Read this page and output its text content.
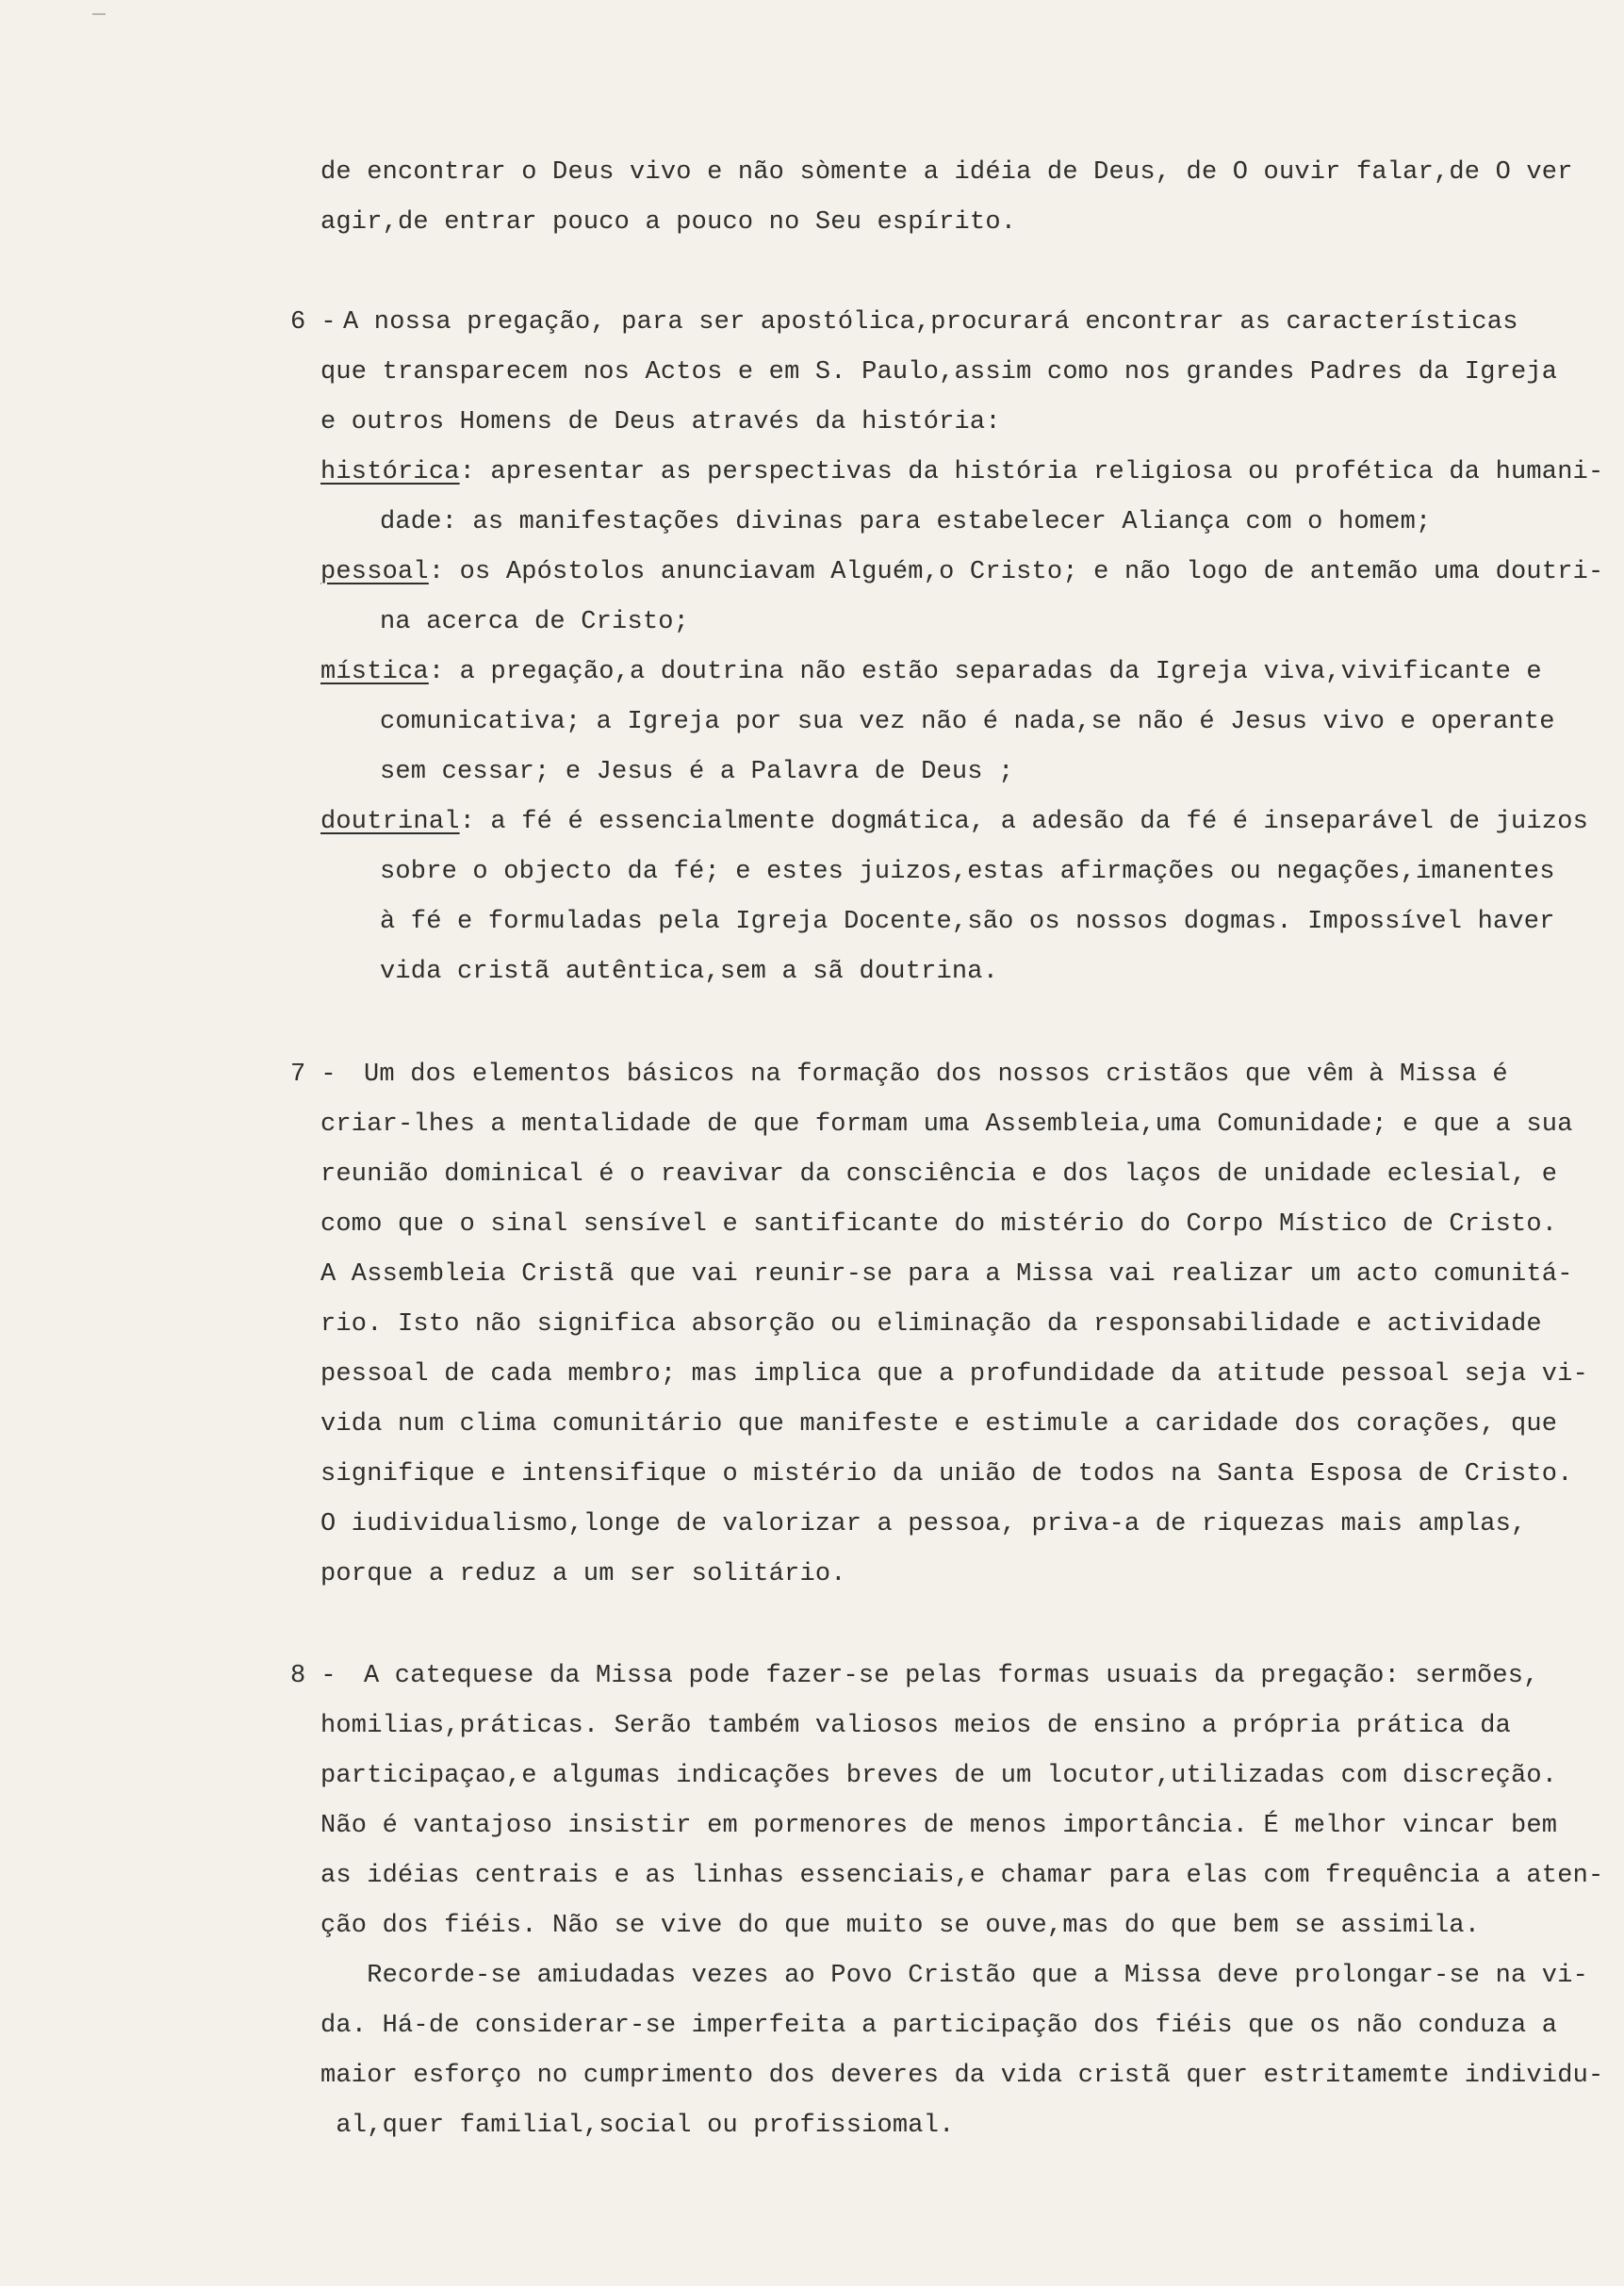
de encontrar o Deus vivo e não sòmente a idéia de Deus, de O ouvir falar,de O ver
agir,de entrar pouco a pouco no Seu espírito.
6 - A nossa pregação, para ser apostólica,procurará encontrar as características
que transparecem nos Actos e em S. Paulo,assim como nos grandes Padres da Igreja
e outros Homens de Deus através da história:
histórica: apresentar as perspectivas da história religiosa ou profética da humani-
dade: as manifestações divinas para estabelecer Aliança com o homem;
pessoal: os Apóstolos anunciavam Alguém,o Cristo; e não logo de antemão uma doutri-
na acerca de Cristo;
mística: a pregação,a doutrina não estão separadas da Igreja viva,vivificante e
comunicativa; a Igreja por sua vez não é nada,se não é Jesus vivo e operante
sem cessar; e Jesus é a Palavra de Deus ;
doutrinal: a fé é essencialmente dogmática, a adesão da fé é inseparável de juizos
sobre o objecto da fé; e estes juizos,estas afirmações ou negações,imanentes
à fé e formuladas pela Igreja Docente,são os nossos dogmas. Impossível haver
vida cristã autêntica,sem a sã doutrina.
7 - Um dos elementos básicos na formação dos nossos cristãos que vêm à Missa é
criar-lhes a mentalidade de que formam uma Assembleia,uma Comunidade; e que a sua
reunião dominical é o reavivar da consciência e dos laços de unidade eclesial, e
como que o sinal sensível e santificante do mistério do Corpo Místico de Cristo.
A Assembleia Cristã que vai reunir-se para a Missa vai realizar um acto comunitá-
rio. Isto não significa absorção ou eliminação da responsabilidade e actividade
pessoal de cada membro; mas implica que a profundidade da atitude pessoal seja vi-
vida num clima comunitário que manifeste e estimule a caridade dos corações, que
signifique e intensifique o mistério da união de todos na Santa Esposa de Cristo.
O iudividualismo,longe de valorizar a pessoa, priva-a de riquezas mais amplas,
porque a reduz a um ser solitário.
8 - A catequese da Missa pode fazer-se pelas formas usuais da pregação: sermões,
homilias,práticas. Serão também valiosos meios de ensino a própria prática da
participaçao,e algumas indicações breves de um locutor,utilizadas com discreção.
Não é vantajoso insistir em pormenores de menos importância. É melhor vincar bem
as idéias centrais e as linhas essenciais,e chamar para elas com frequência a aten-
ção dos fiéis. Não se vive do que muito se ouve,mas do que bem se assimila.
Recorde-se amiudadas vezes ao Povo Cristão que a Missa deve prolongar-se na vi-
da. Há-de considerar-se imperfeita a participação dos fiéis que os não conduza a
maior esforço no cumprimento dos deveres da vida cristã quer estritamemte individu-
al,quer familial,social ou profissiomal.
